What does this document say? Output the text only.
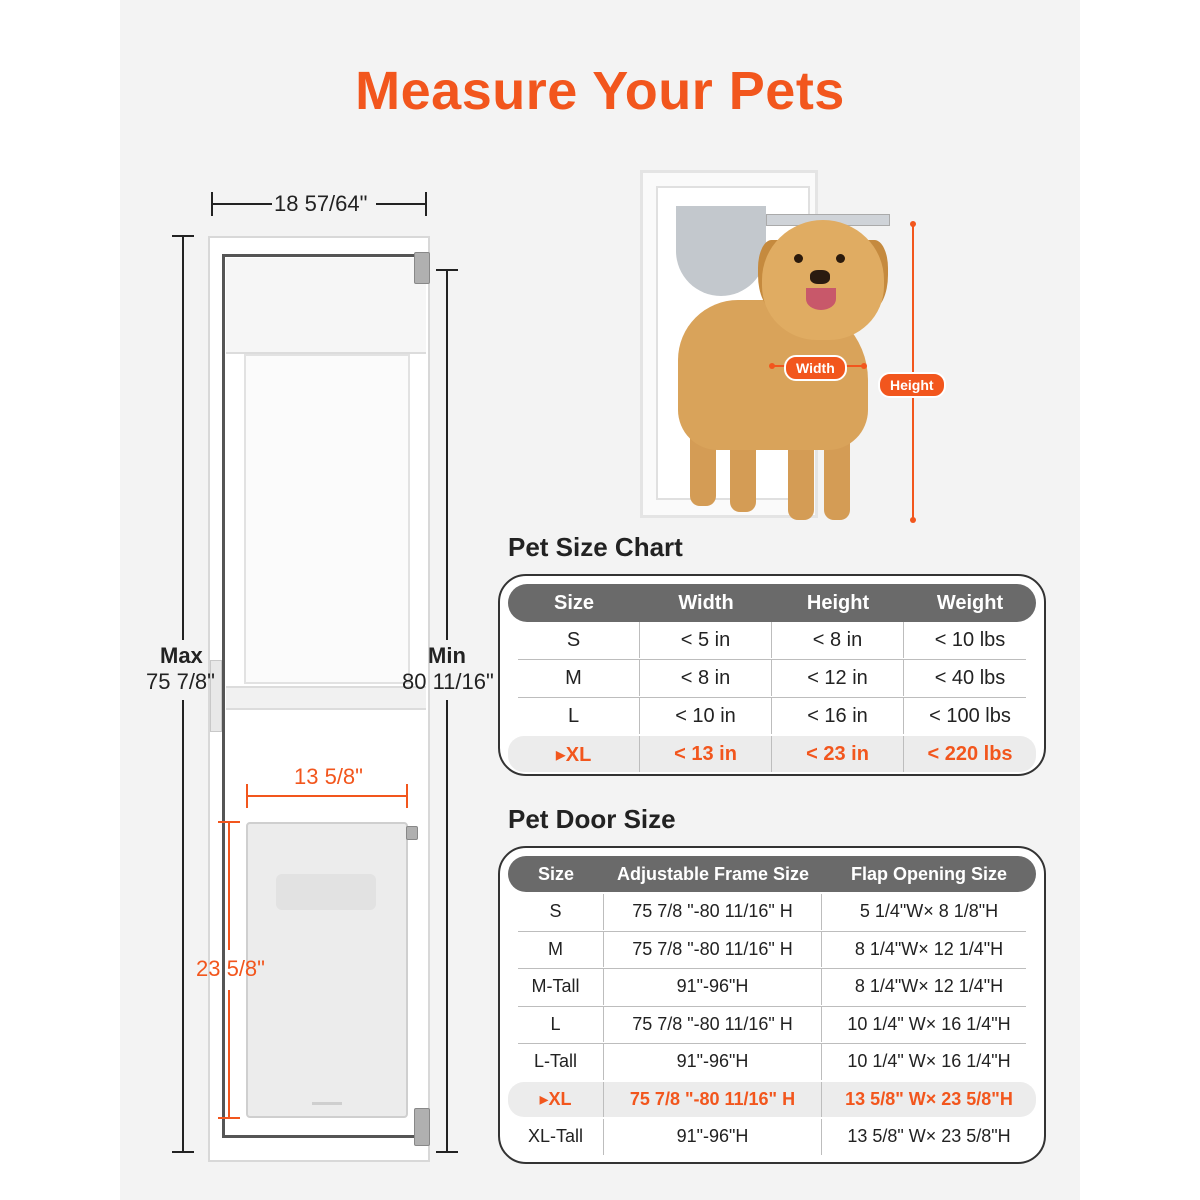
Measure Your Pets
18 57/64"
Max
75 7/8"
Min
80 11/16"
13 5/8"
23 5/8"
Width
Height
Pet Size Chart
Size	Width	Height	Weight
S	< 5 in	< 8 in	< 10 lbs
M	< 8 in	< 12 in	< 40 lbs
L	< 10 in	< 16 in	< 100 lbs
▸XL	< 13 in	< 23 in	< 220 lbs
Pet Door Size
Size	Adjustable Frame Size	Flap Opening Size
S	75 7/8 "-80 11/16" H	5 1/4"W× 8 1/8"H
M	75 7/8 "-80 11/16" H	8 1/4"W× 12 1/4"H
M-Tall	91"-96"H	8 1/4"W× 12 1/4"H
L	75 7/8 "-80 11/16" H	10 1/4" W× 16 1/4"H
L-Tall	91"-96"H	10 1/4" W× 16 1/4"H
▸XL	75 7/8 "-80 11/16" H	13 5/8" W× 23 5/8"H
XL-Tall	91"-96"H	13 5/8" W× 23 5/8"H
